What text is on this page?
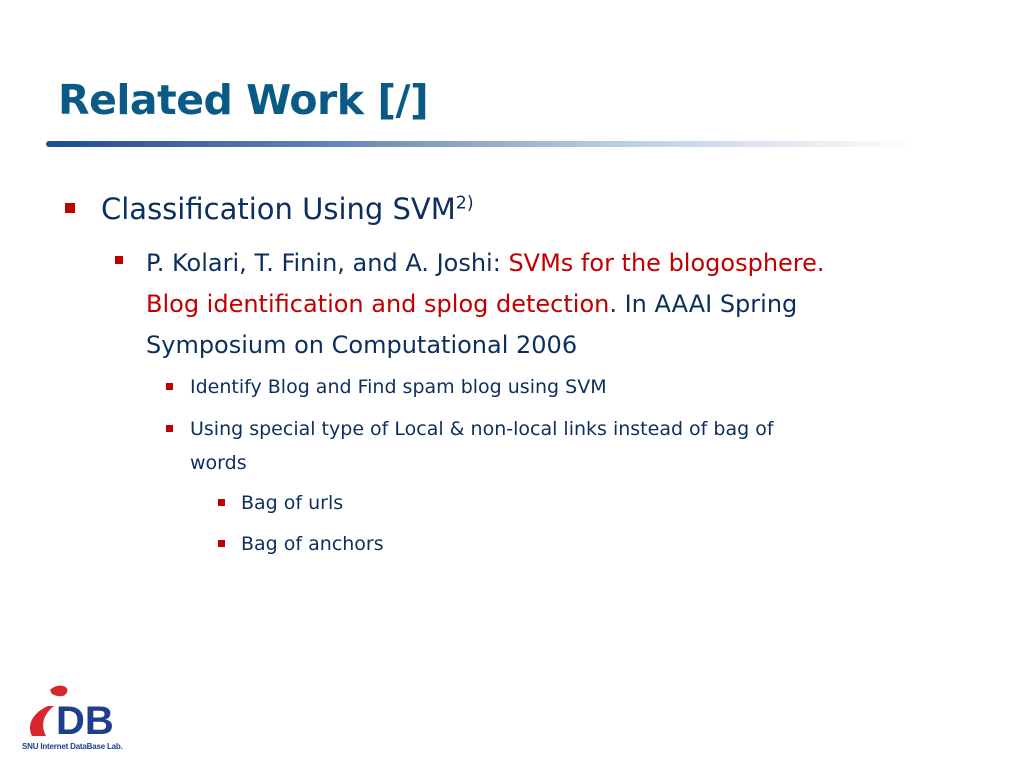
Related Work [/]
Classification Using SVM$^{2)}$
P. Kolari, T. Finin, and A. Joshi: SVMs for the blogosphere.
Blog identification and splog detection. In AAAI Spring
Symposium on Computational 2006
Identify Blog and Find spam blog using SVM
Using special type of Local & non-local links instead of bag of
words
Bag of urls
Bag of anchors
DB
SNU Internet DataBase Lab.
